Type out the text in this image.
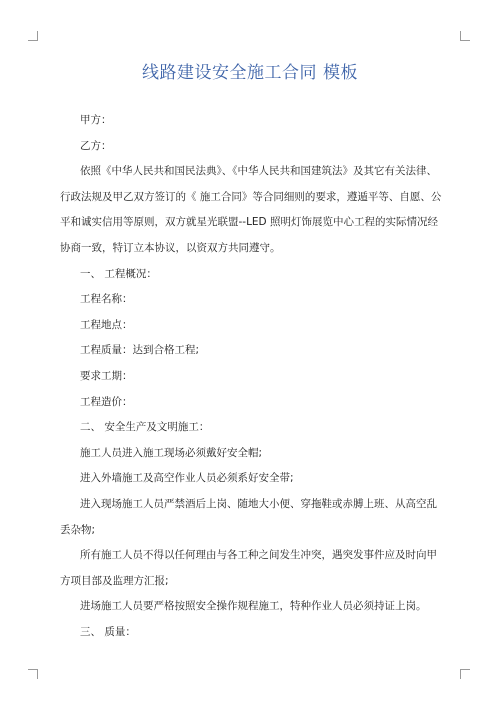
线路建设安全施工合同 模板

甲方：

乙方：

依照《中华人民共和国民法典》、《中华人民共和国建筑法》及其它有关法律、行政法规及甲乙双方签订的《 施工合同》等合同细则的要求，遵遁平等、自愿、公平和诚实信用等原则，双方就星光联盟--LED 照明灯饰展览中心工程的实际情况经协商一致，特订立本协议，以资双方共同遵守。

一、 工程概况：

工程名称：

工程地点：

工程质量：达到合格工程;

要求工期：

工程造价：

二、 安全生产及文明施工：

施工人员进入施工现场必须戴好安全帽;

进入外墙施工及高空作业人员必须系好安全带;

进入现场施工人员严禁酒后上岗、随地大小便、穿拖鞋或赤膊上班、从高空乱丢杂物;

所有施工人员不得以任何理由与各工种之间发生冲突，遇突发事件应及时向甲方项目部及监理方汇报;

进场施工人员要严格按照安全操作规程施工，特种作业人员必须持证上岗。

三、 质量：
